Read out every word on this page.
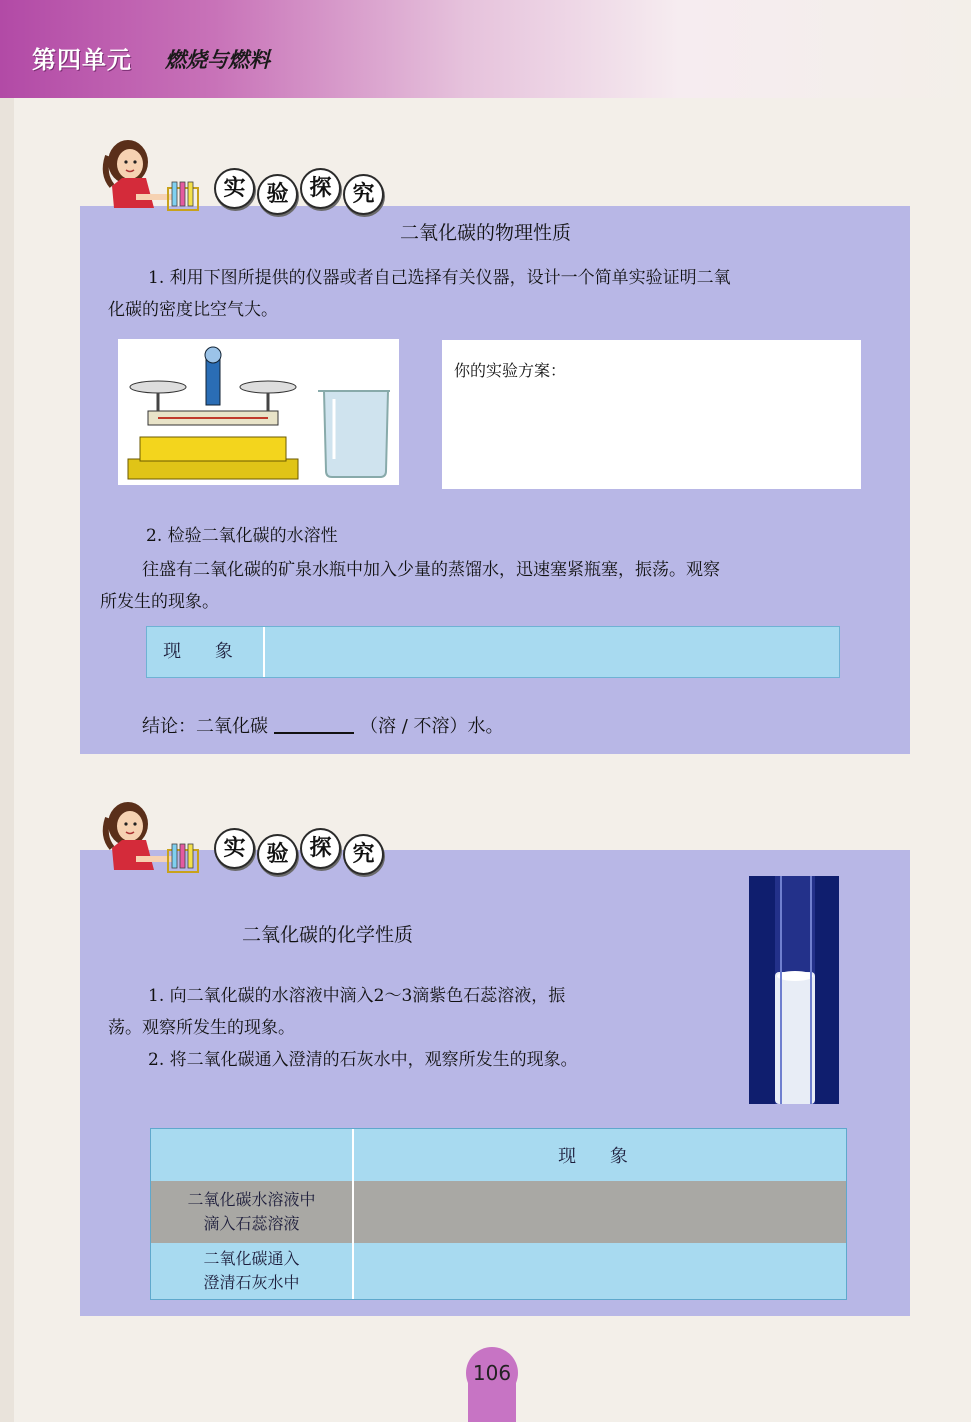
第四单元 燃烧与燃料
实 验 探 究
二氧化碳的物理性质
1. 利用下图所提供的仪器或者自己选择有关仪器，设计一个简单实验证明二氧
化碳的密度比空气大。
你的实验方案：
2. 检验二氧化碳的水溶性
往盛有二氧化碳的矿泉水瓶中加入少量的蒸馏水，迅速塞紧瓶塞，振荡。观察
所发生的现象。
现 象
结论：二氧化碳	（溶 / 不溶）水。
实 验 探 究
二氧化碳的化学性质
1. 向二氧化碳的水溶液中滴入2～3滴紫色石蕊溶液，振
荡。观察所发生的现象。
2. 将二氧化碳通入澄清的石灰水中，观察所发生的现象。
现 象
二氧化碳水溶液中
滴入石蕊溶液
二氧化碳通入
澄清石灰水中
106
